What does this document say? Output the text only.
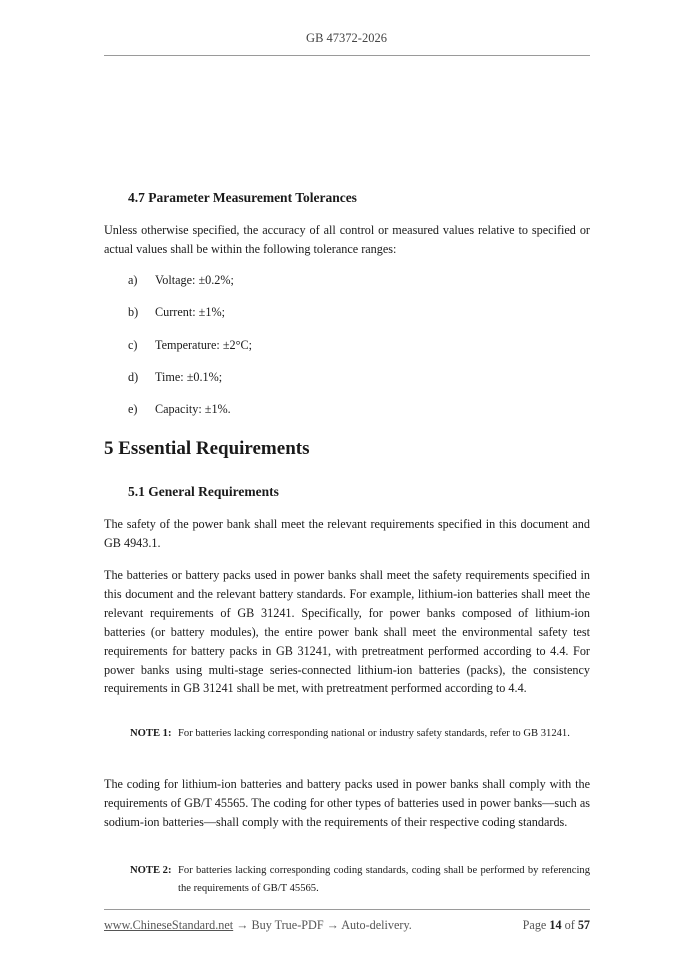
GB 47372-2026
4.7 Parameter Measurement Tolerances
Unless otherwise specified, the accuracy of all control or measured values relative to specified or actual values shall be within the following tolerance ranges:
a) Voltage: ±0.2%;
b) Current: ±1%;
c) Temperature: ±2°C;
d) Time: ±0.1%;
e) Capacity: ±1%.
5 Essential Requirements
5.1 General Requirements
The safety of the power bank shall meet the relevant requirements specified in this document and GB 4943.1.
The batteries or battery packs used in power banks shall meet the safety requirements specified in this document and the relevant battery standards. For example, lithium-ion batteries shall meet the relevant requirements of GB 31241. Specifically, for power banks composed of lithium-ion batteries (or battery modules), the entire power bank shall meet the environmental safety test requirements for battery packs in GB 31241, with pretreatment performed according to 4.4. For power banks using multi-stage series-connected lithium-ion batteries (packs), the consistency requirements in GB 31241 shall be met, with pretreatment performed according to 4.4.
NOTE 1: For batteries lacking corresponding national or industry safety standards, refer to GB 31241.
The coding for lithium-ion batteries and battery packs used in power banks shall comply with the requirements of GB/T 45565. The coding for other types of batteries used in power banks—such as sodium-ion batteries—shall comply with the requirements of their respective coding standards.
NOTE 2: For batteries lacking corresponding coding standards, coding shall be performed by referencing the requirements of GB/T 45565.
www.ChineseStandard.net → Buy True-PDF → Auto-delivery.	Page 14 of 57
